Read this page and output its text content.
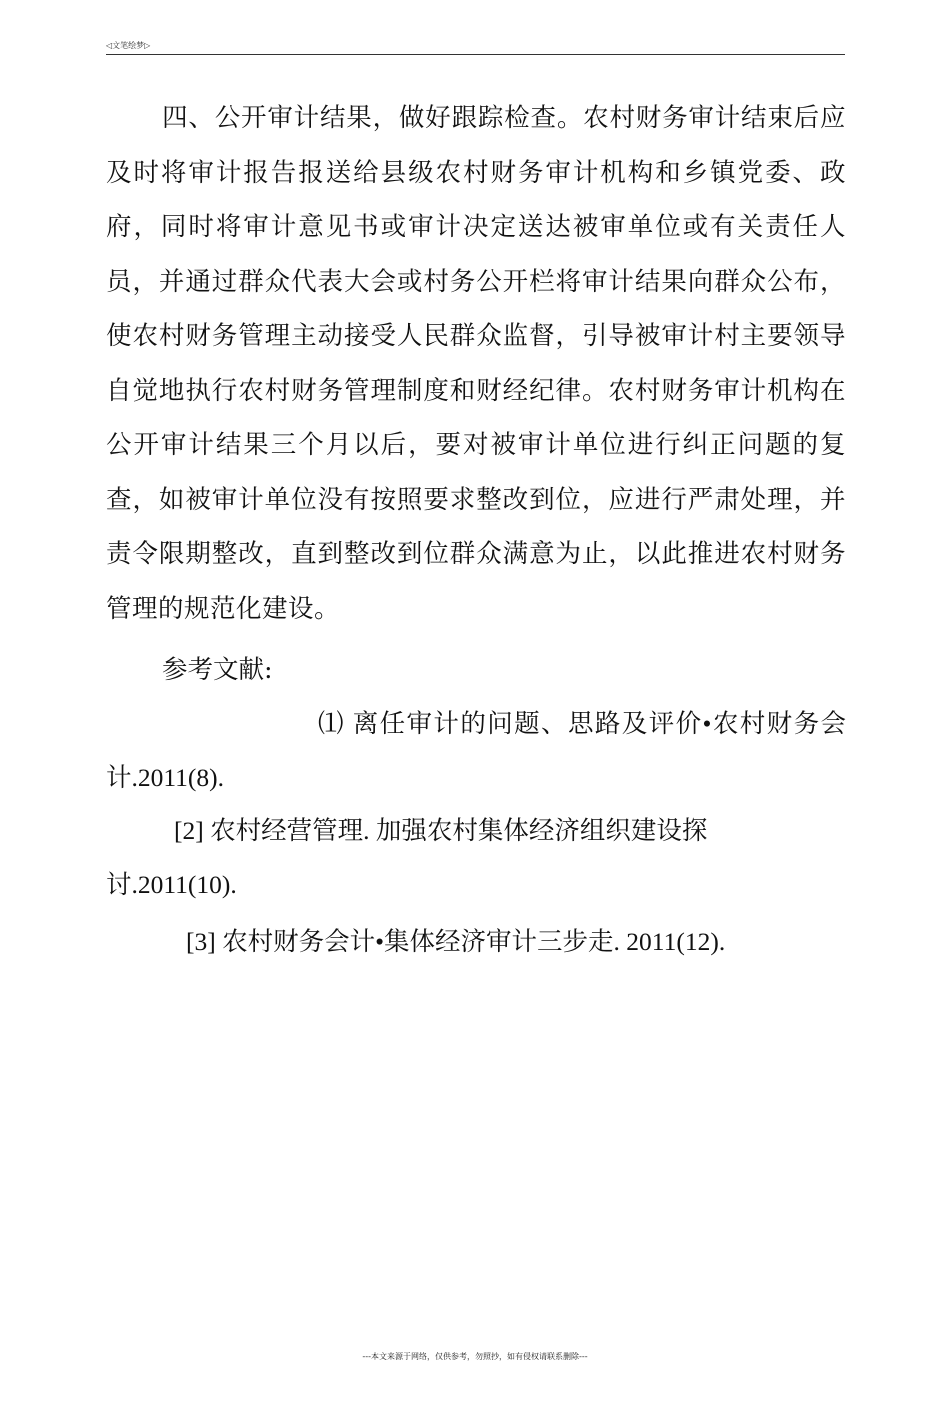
◁文笔绘梦▷

四、公开审计结果，做好跟踪检查。农村财务审计结束后应及时将审计报告报送给县级农村财务审计机构和乡镇党委、政府，同时将审计意见书或审计决定送达被审单位或有关责任人员，并通过群众代表大会或村务公开栏将审计结果向群众公布，使农村财务管理主动接受人民群众监督，引导被审计村主要领导自觉地执行农村财务管理制度和财经纪律。农村财务审计机构在公开审计结果三个月以后，要对被审计单位进行纠正问题的复查，如被审计单位没有按照要求整改到位，应进行严肃处理，并责令限期整改，直到整改到位群众满意为止，以此推进农村财务管理的规范化建设。

参考文献:

⑴ 离任审计的问题、思路及评价•农村财务会计.2011(8).

[2] 农村经营管理. 加强农村集体经济组织建设探讨.2011(10).

[3] 农村财务会计•集体经济审计三步走. 2011(12).

---本文来源于网络，仅供参考，勿照抄，如有侵权请联系删除---
